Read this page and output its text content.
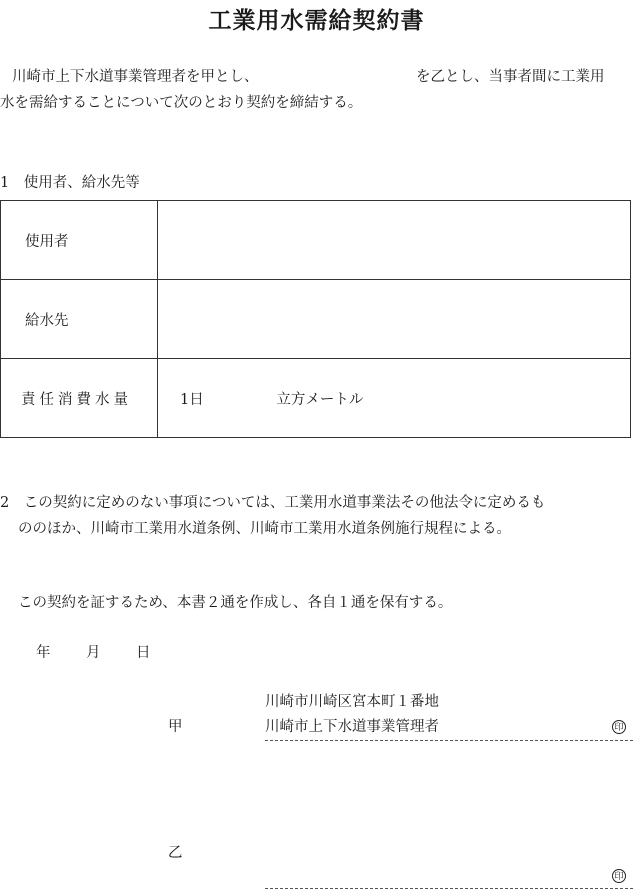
工業用水需給契約書
川崎市上下水道事業管理者を甲とし、	を乙とし、当事者間に工業用
水を需給することについて次のとおり契約を締結する。
1　使用者、給水先等
使用者	
給水先	
責任消費水量	1日 立方メートル
2　この契約に定めのない事項については、工業用水道事業法その他法令に定めるも
ののほか、川崎市工業用水道条例、川崎市工業用水道条例施行規程による。
この契約を証するため、本書２通を作成し、各自１通を保有する。
年 月 日
川崎市川崎区宮本町１番地
甲	川崎市上下水道事業管理者	印
乙
印
